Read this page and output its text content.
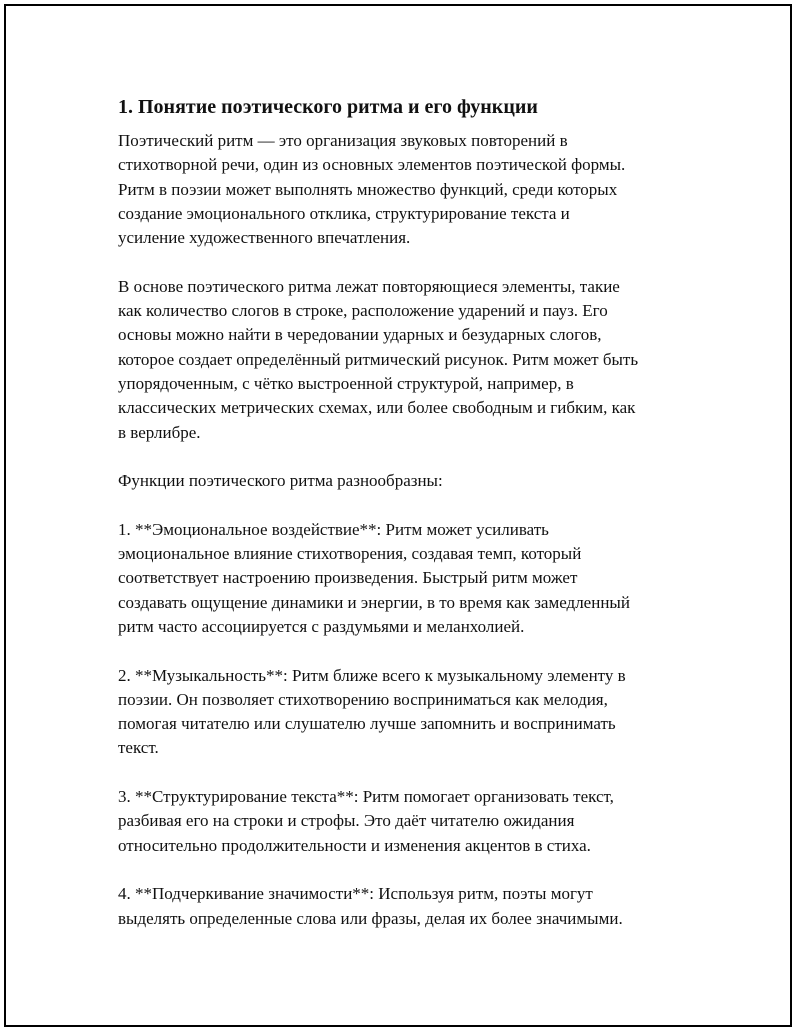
1. Понятие поэтического ритма и его функции
Поэтический ритм — это организация звуковых повторений в
стихотворной речи, один из основных элементов поэтической формы.
Ритм в поэзии может выполнять множество функций, среди которых
создание эмоционального отклика, структурирование текста и
усиление художественного впечатления.
В основе поэтического ритма лежат повторяющиеся элементы, такие
как количество слогов в строке, расположение ударений и пауз. Его
основы можно найти в чередовании ударных и безударных слогов,
которое создает определённый ритмический рисунок. Ритм может быть
упорядоченным, с чётко выстроенной структурой, например, в
классических метрических схемах, или более свободным и гибким, как
в верлибре.
Функции поэтического ритма разнообразны:
1. **Эмоциональное воздействие**: Ритм может усиливать
эмоциональное влияние стихотворения, создавая темп, который
соответствует настроению произведения. Быстрый ритм может
создавать ощущение динамики и энергии, в то время как замедленный
ритм часто ассоциируется с раздумьями и меланхолией.
2. **Музыкальность**: Ритм ближе всего к музыкальному элементу в
поэзии. Он позволяет стихотворению восприниматься как мелодия,
помогая читателю или слушателю лучше запомнить и воспринимать
текст.
3. **Структурирование текста**: Ритм помогает организовать текст,
разбивая его на строки и строфы. Это даёт читателю ожидания
относительно продолжительности и изменения акцентов в стиха.
4. **Подчеркивание значимости**: Используя ритм, поэты могут
выделять определенные слова или фразы, делая их более значимыми.
